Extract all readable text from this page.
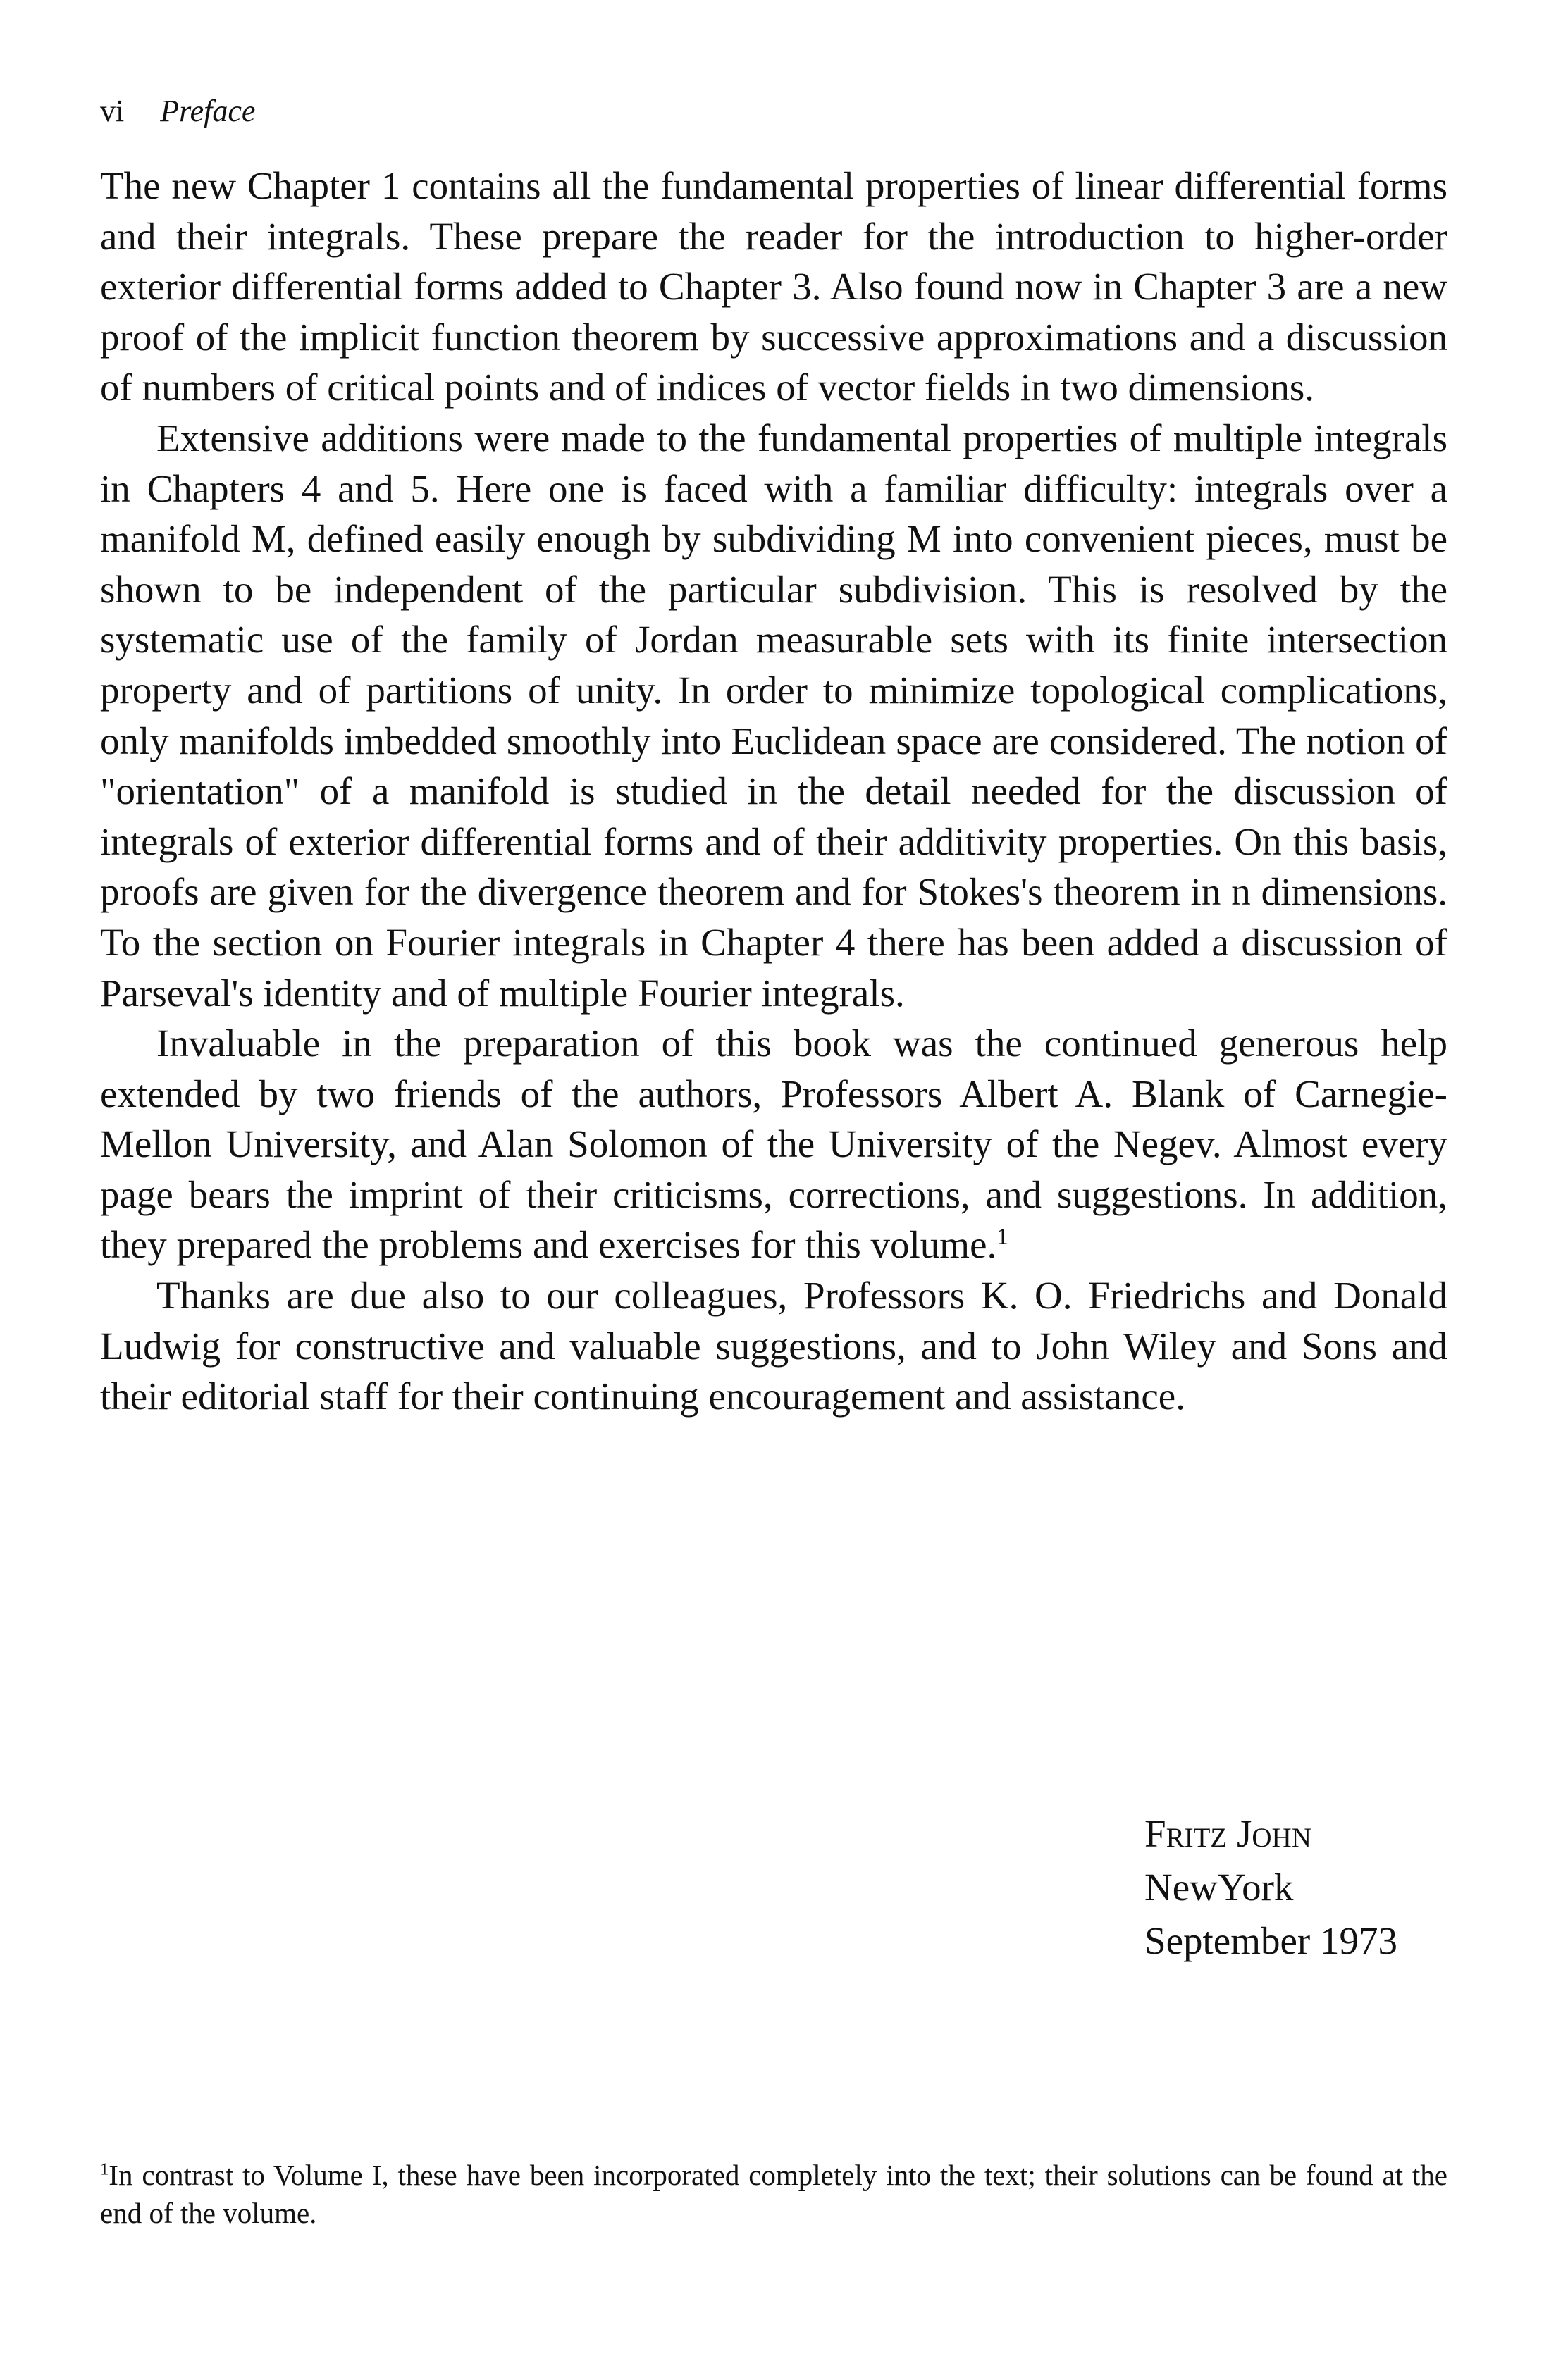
vi Preface

The new Chapter 1 contains all the fundamental properties of linear differential forms and their integrals. These prepare the reader for the introduction to higher-order exterior differential forms added to Chapter 3. Also found now in Chapter 3 are a new proof of the implicit function theorem by successive approximations and a discussion of numbers of critical points and of indices of vector fields in two dimensions.

Extensive additions were made to the fundamental properties of multiple integrals in Chapters 4 and 5. Here one is faced with a familiar difficulty: integrals over a manifold M, defined easily enough by subdividing M into convenient pieces, must be shown to be independent of the particular subdivision. This is resolved by the systematic use of the family of Jordan measurable sets with its finite intersection property and of partitions of unity. In order to minimize topological complications, only manifolds imbedded smoothly into Euclidean space are considered. The notion of "orientation" of a manifold is studied in the detail needed for the discussion of integrals of exterior differential forms and of their additivity properties. On this basis, proofs are given for the divergence theorem and for Stokes's theorem in n dimensions. To the section on Fourier integrals in Chapter 4 there has been added a discussion of Parseval's identity and of multiple Fourier integrals.

Invaluable in the preparation of this book was the continued generous help extended by two friends of the authors, Professors Albert A. Blank of Carnegie-Mellon University, and Alan Solomon of the University of the Negev. Almost every page bears the imprint of their criticisms, corrections, and suggestions. In addition, they prepared the problems and exercises for this volume.$^1$

Thanks are due also to our colleagues, Professors K. O. Friedrichs and Donald Ludwig for constructive and valuable suggestions, and to John Wiley and Sons and their editorial staff for their continuing encouragement and assistance.

Fritz John
NewYork
September 1973

$^1$In contrast to Volume I, these have been incorporated completely into the text; their solutions can be found at the end of the volume.
